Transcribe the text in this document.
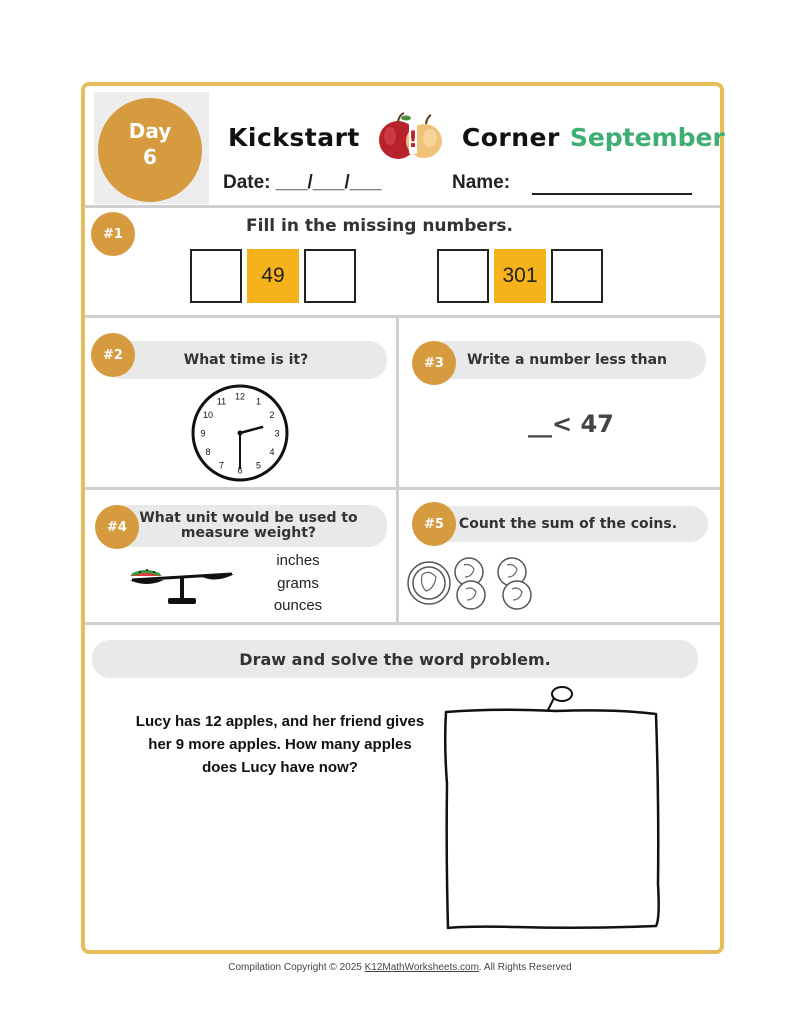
Day
6
Kickstart ! Corner September
Date: ___/___/___	Name:
#1	Fill in the missing numbers.
49	301
What time is it?
#2
12 1
2
3
4
5
6
7
8
9
10
11
Write a number less than
#3
__< 47
What unit would be used to
measure weight?
#4
inches
grams
ounces
Count the sum of the coins.
#5
Draw and solve the word problem.
Lucy has 12 apples, and her friend gives her 9 more apples. How many apples does Lucy have now?
Compilation Copyright © 2025 K12MathWorksheets.com. All Rights Reserved
